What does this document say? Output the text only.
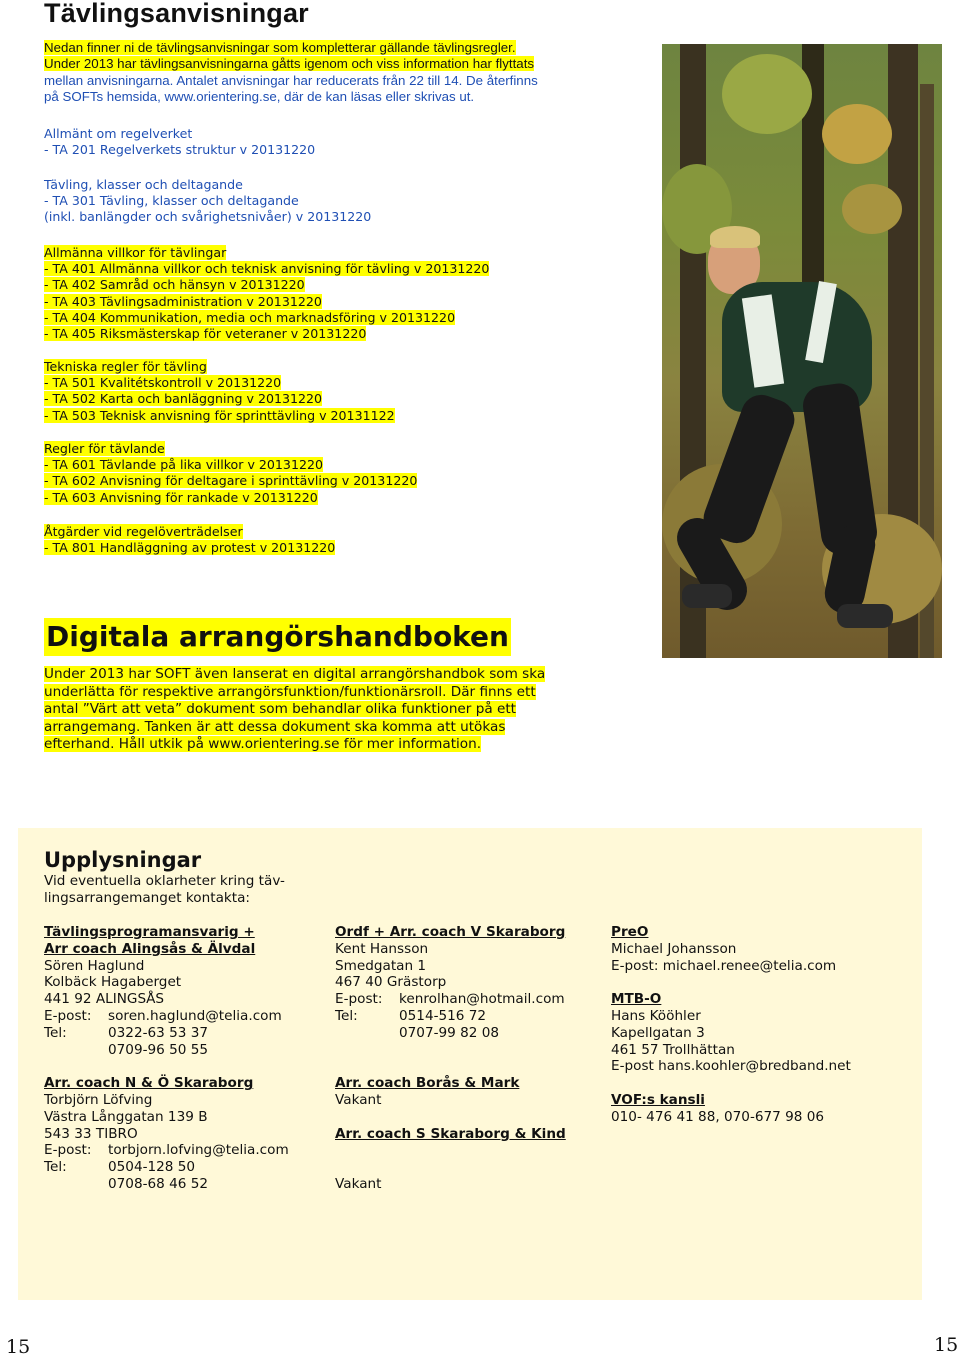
Tävlingsanvisningar

Nedan finner ni de tävlingsanvisningar som kompletterar gällande tävlingsregler.

Under 2013 har tävlingsanvisningarna gåtts igenom och viss information har flyttats

mellan anvisningarna. Antalet anvisningar har reducerats från 22 till 14. De återfinns

på SOFTs hemsida, www.orientering.se, där de kan läsas eller skrivas ut.

Allmänt om regelverket
- TA 201 Regelverkets struktur v 20131220
Tävling, klasser och deltagande
- TA 301 Tävling, klasser och deltagande
(inkl. banlängder och svårighetsnivåer) v 20131220
Allmänna villkor för tävlingar
- TA 401 Allmänna villkor och teknisk anvisning för tävling v 20131220
- TA 402 Samråd och hänsyn v 20131220
- TA 403 Tävlingsadministration v 20131220
- TA 404 Kommunikation, media och marknadsföring v 20131220
- TA 405 Riksmästerskap för veteraner v 20131220
Tekniska regler för tävling
- TA 501 Kvalitétskontroll v 20131220
- TA 502 Karta och banläggning v 20131220
- TA 503 Teknisk anvisning för sprinttävling v 20131122
Regler för tävlande
- TA 601 Tävlande på lika villkor v 20131220
- TA 602 Anvisning för deltagare i sprinttävling v 20131220
- TA 603 Anvisning för rankade v 20131220
Åtgärder vid regelöverträdelser
- TA 801 Handläggning av protest v 20131220
Digitala arrangörshandboken
Under 2013 har SOFT även lanserat en digital arrangörshandbok som ska
underlätta för respektive arrangörsfunktion/funktionärsroll. Där finns ett
antal ”Värt att veta” dokument som behandlar olika funktioner på ett
arrangemang. Tanken är att dessa dokument ska komma att utökas
efterhand. Håll utkik på www.orientering.se för mer information.
Upplysningar
Vid eventuella oklarheter kring täv-
lingsarrangemanget kontakta:
Tävlingsprogramansvarig +
Arr coach Alingsås & Älvdal
Sören Haglund
Kolbäck Hagaberget
441 92 ALINGSÅS
E-post: soren.haglund@telia.com
Tel:	0322-63 53 37
0709-96 50 55
Arr. coach N & Ö Skaraborg
Torbjörn Löfving
Västra Långgatan 139 B
543 33 TIBRO
E-post: torbjorn.lofving@telia.com
Tel:	0504-128 50
0708-68 46 52
Ordf + Arr. coach V Skaraborg
Kent Hansson
Smedgatan 1
467 40 Grästorp
E-post: kenrolhan@hotmail.com
Tel:	0514-516 72
0707-99 82 08
Arr. coach Borås & Mark
Vakant
Arr. coach S Skaraborg & Kind
Vakant
PreO
Michael Johansson
E-post: michael.renee@telia.com
MTB-O
Hans Kööhler
Kapellgatan 3
461 57 Trollhättan
E-post hans.koohler@bredband.net
VOF:s kansli
010- 476 41 88, 070-677 98 06
15	15
